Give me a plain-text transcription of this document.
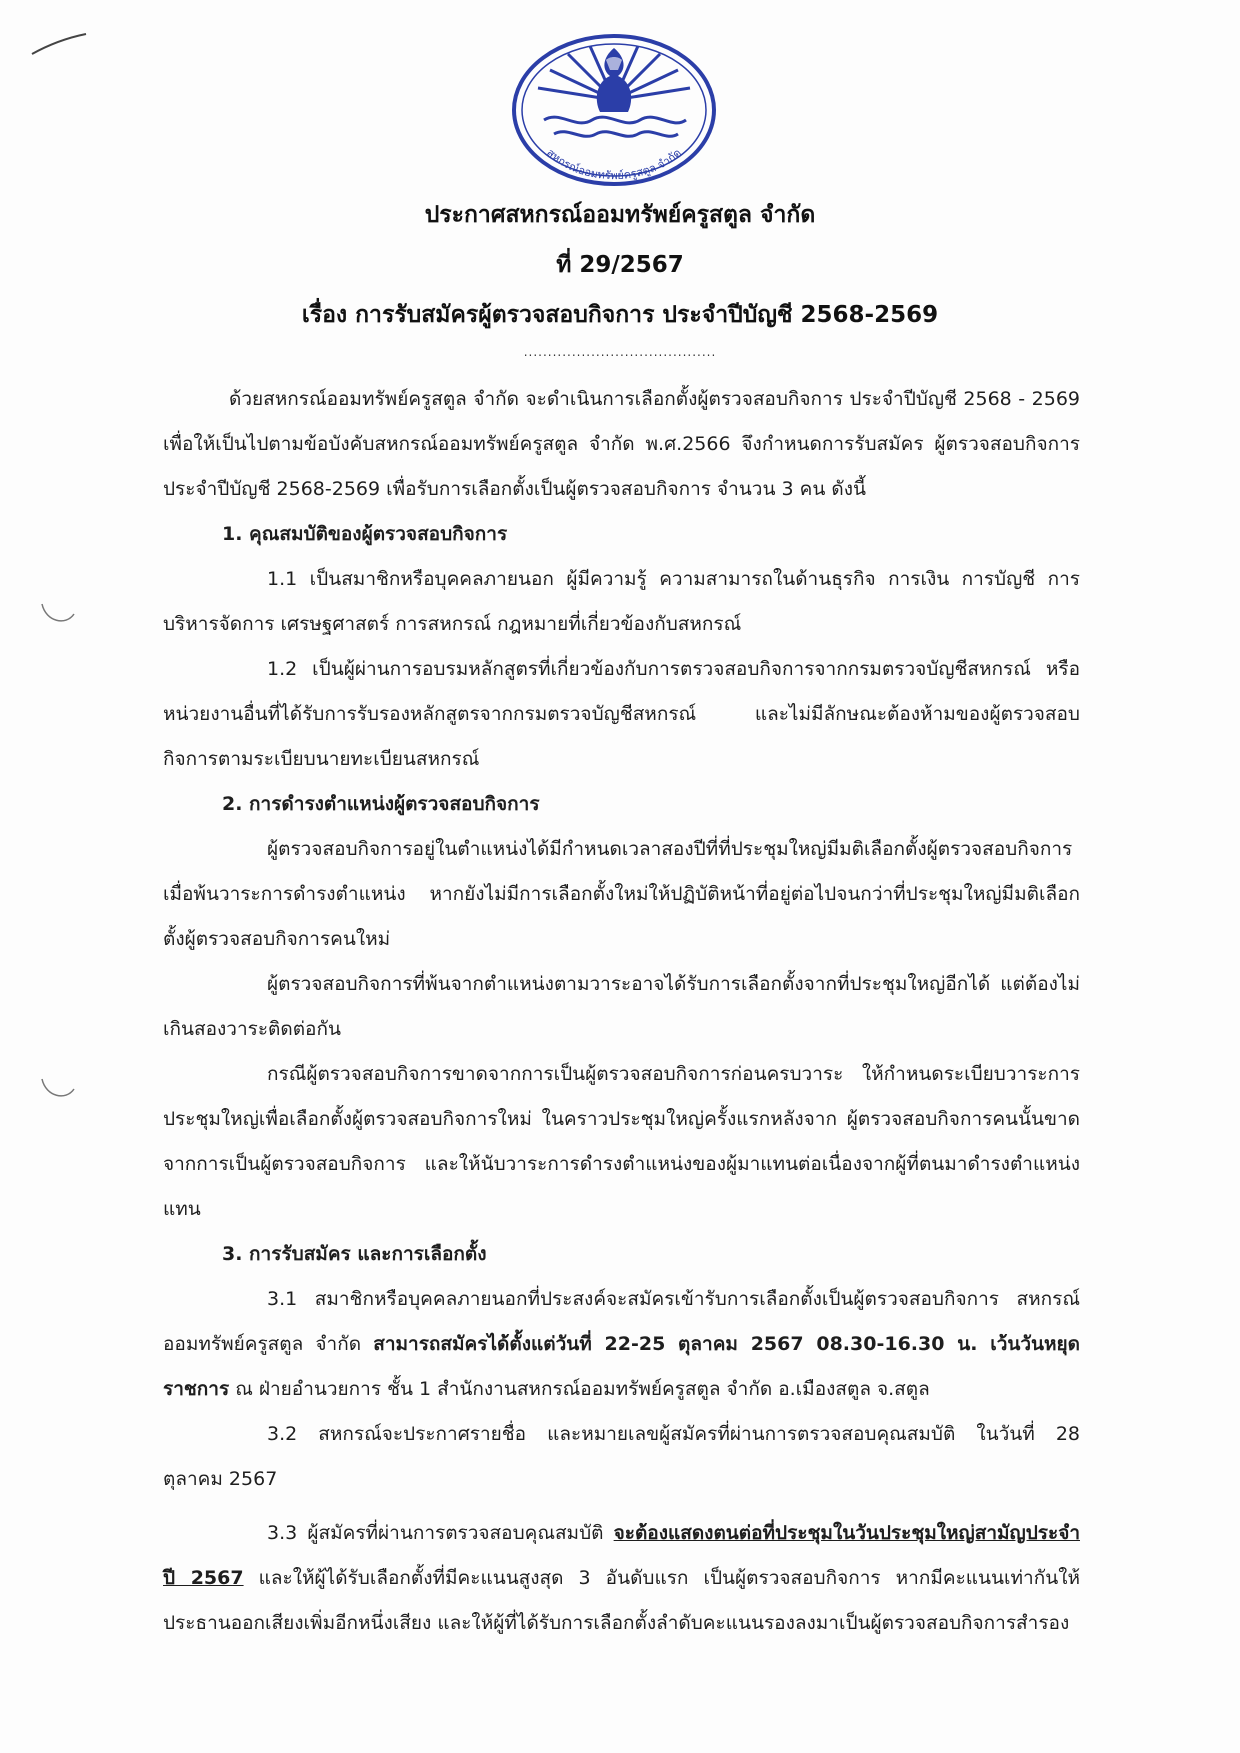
สหกรณ์ออมทรัพย์ครูสตูล จำกัด
ประกาศสหกรณ์ออมทรัพย์ครูสตูล จำกัด
ที่ 29/2567
เรื่อง การรับสมัครผู้ตรวจสอบกิจการ ประจำปีบัญชี 2568-2569
........................................

ด้วยสหกรณ์ออมทรัพย์ครูสตูล จำกัด จะดำเนินการเลือกตั้งผู้ตรวจสอบกิจการ ประจำปีบัญชี 2568 - 2569 เพื่อให้เป็นไปตามข้อบังคับสหกรณ์ออมทรัพย์ครูสตูล จำกัด พ.ศ.2566 จึงกำหนดการรับสมัคร ผู้ตรวจสอบกิจการ ประจำปีบัญชี 2568-2569 เพื่อรับการเลือกตั้งเป็นผู้ตรวจสอบกิจการ จำนวน 3 คน ดังนี้

1. คุณสมบัติของผู้ตรวจสอบกิจการ

1.1 เป็นสมาชิกหรือบุคคลภายนอก ผู้มีความรู้ ความสามารถในด้านธุรกิจ การเงิน การบัญชี การบริหารจัดการ เศรษฐศาสตร์ การสหกรณ์ กฎหมายที่เกี่ยวข้องกับสหกรณ์

1.2 เป็นผู้ผ่านการอบรมหลักสูตรที่เกี่ยวข้องกับการตรวจสอบกิจการจากกรมตรวจบัญชีสหกรณ์ หรือหน่วยงานอื่นที่ได้รับการรับรองหลักสูตรจากกรมตรวจบัญชีสหกรณ์ และไม่มีลักษณะต้องห้ามของผู้ตรวจสอบกิจการตามระเบียบนายทะเบียนสหกรณ์

2. การดำรงตำแหน่งผู้ตรวจสอบกิจการ

ผู้ตรวจสอบกิจการอยู่ในตำแหน่งได้มีกำหนดเวลาสองปีที่ที่ประชุมใหญ่มีมติเลือกตั้งผู้ตรวจสอบกิจการ เมื่อพ้นวาระการดำรงตำแหน่ง หากยังไม่มีการเลือกตั้งใหม่ให้ปฏิบัติหน้าที่อยู่ต่อไปจนกว่าที่ประชุมใหญ่มีมติเลือกตั้งผู้ตรวจสอบกิจการคนใหม่

ผู้ตรวจสอบกิจการที่พ้นจากตำแหน่งตามวาระอาจได้รับการเลือกตั้งจากที่ประชุมใหญ่อีกได้ แต่ต้องไม่เกินสองวาระติดต่อกัน

กรณีผู้ตรวจสอบกิจการขาดจากการเป็นผู้ตรวจสอบกิจการก่อนครบวาระ ให้กำหนดระเบียบวาระการประชุมใหญ่เพื่อเลือกตั้งผู้ตรวจสอบกิจการใหม่ ในคราวประชุมใหญ่ครั้งแรกหลังจาก ผู้ตรวจสอบกิจการคนนั้นขาดจากการเป็นผู้ตรวจสอบกิจการ และให้นับวาระการดำรงตำแหน่งของผู้มาแทนต่อเนื่องจากผู้ที่ตนมาดำรงตำแหน่งแทน

3. การรับสมัคร และการเลือกตั้ง

3.1 สมาชิกหรือบุคคลภายนอกที่ประสงค์จะสมัครเข้ารับการเลือกตั้งเป็นผู้ตรวจสอบกิจการ สหกรณ์ออมทรัพย์ครูสตูล จำกัด สามารถสมัครได้ตั้งแต่วันที่ 22-25 ตุลาคม 2567 08.30-16.30 น. เว้นวันหยุดราชการ ณ ฝ่ายอำนวยการ ชั้น 1 สำนักงานสหกรณ์ออมทรัพย์ครูสตูล จำกัด อ.เมืองสตูล จ.สตูล

3.2 สหกรณ์จะประกาศรายชื่อ และหมายเลขผู้สมัครที่ผ่านการตรวจสอบคุณสมบัติ ในวันที่ 28 ตุลาคม 2567

3.3 ผู้สมัครที่ผ่านการตรวจสอบคุณสมบัติ จะต้องแสดงตนต่อที่ประชุมในวันประชุมใหญ่สามัญประจำปี 2567 และให้ผู้ได้รับเลือกตั้งที่มีคะแนนสูงสุด 3 อันดับแรก เป็นผู้ตรวจสอบกิจการ หากมีคะแนนเท่ากันให้ประธานออกเสียงเพิ่มอีกหนึ่งเสียง และให้ผู้ที่ได้รับการเลือกตั้งลำดับคะแนนรองลงมาเป็นผู้ตรวจสอบกิจการสำรอง
